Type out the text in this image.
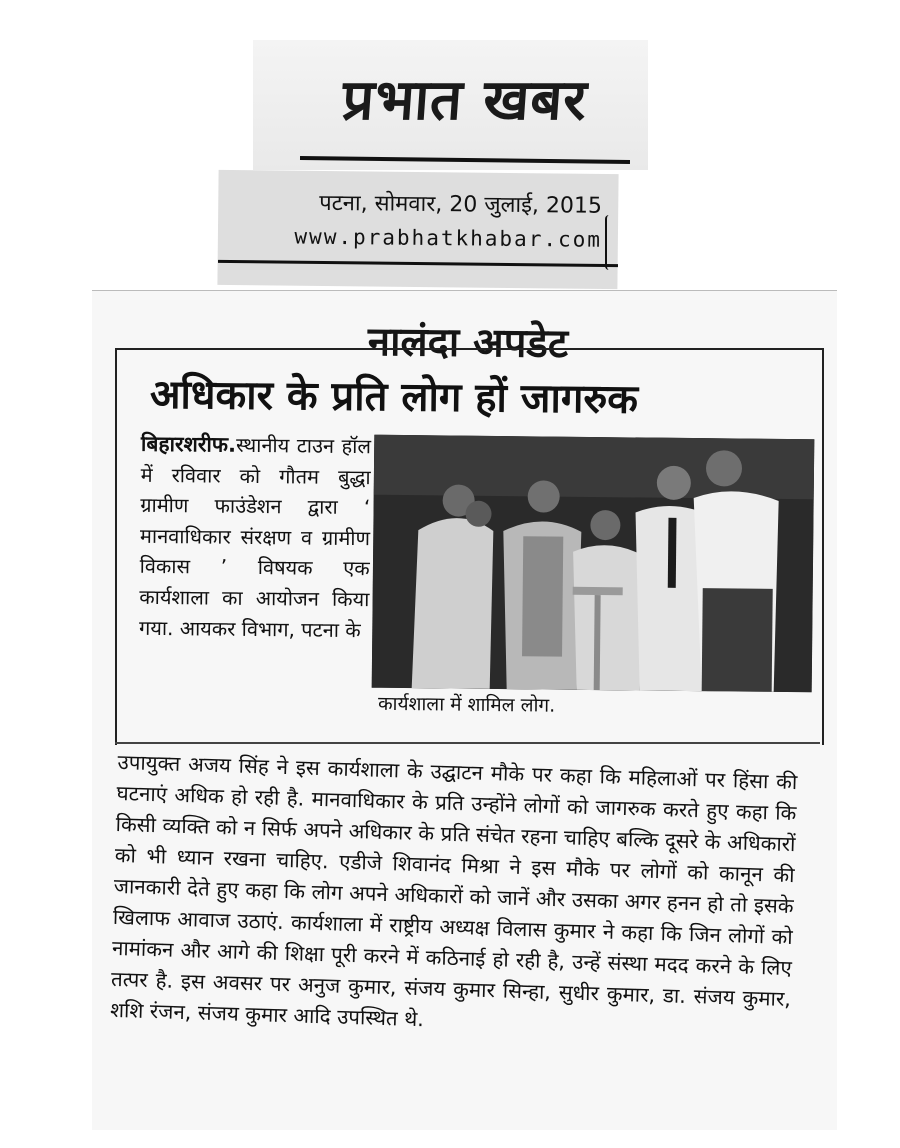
प्रभात खबर
पटना, सोमवार, 20 जुलाई, 2015
www.prabhatkhabar.com
नालंदा अपडेट
अधिकार के प्रति लोग हों जागरुक
बिहारशरीफ.स्थानीय टाउन हॉल में रविवार को गौतम बुद्धा ग्रामीण फाउंडेशन द्वारा ‘ मानवाधिकार संरक्षण व ग्रामीण विकास ’ विषयक एक कार्यशाला का आयोजन किया गया. आयकर विभाग, पटना के
कार्यशाला में शामिल लोग.
उपायुक्त अजय सिंह ने इस कार्यशाला के उद्घाटन मौके पर कहा कि महिलाओं पर हिंसा की घटनाएं अधिक हो रही है. मानवाधिकार के प्रति उन्होंने लोगों को जागरुक करते हुए कहा कि किसी व्यक्ति को न सिर्फ अपने अधिकार के प्रति संचेत रहना चाहिए बल्कि दूसरे के अधिकारों को भी ध्यान रखना चाहिए. एडीजे शिवानंद मिश्रा ने इस मौके पर लोगों को कानून की जानकारी देते हुए कहा कि लोग अपने अधिकारों को जानें और उसका अगर हनन हो तो इसके खिलाफ आवाज उठाएं. कार्यशाला में राष्ट्रीय अध्यक्ष विलास कुमार ने कहा कि जिन लोगों को नामांकन और आगे की शिक्षा पूरी करने में कठिनाई हो रही है, उन्हें संस्था मदद करने के लिए तत्पर है. इस अवसर पर अनुज कुमार, संजय कुमार सिन्हा, सुधीर कुमार, डा. संजय कुमार, शशि रंजन, संजय कुमार आदि उपस्थित थे.
